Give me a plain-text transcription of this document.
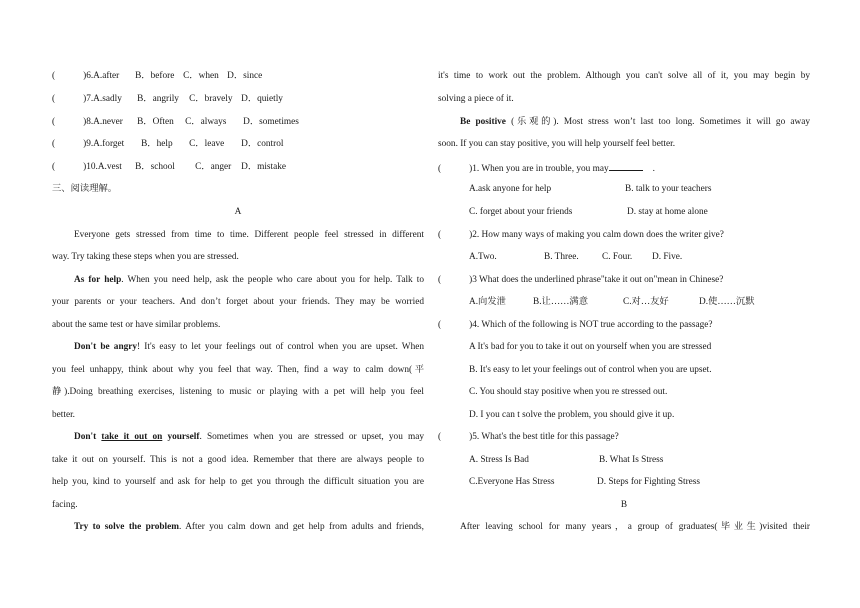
(	)6.A.after B．before C．when D．since
(	)7.A.sadly B．angrily C．bravely D．quietly
(	)8.A.never B．Often C．always D．sometimes
(	)9.A.forget B．help C．leave D．control
(	)10.A.vest B．school C．anger D．mistake
三、阅读理解。
A
Everyone gets stressed from time to time. Different people feel stressed in different
way. Try taking these steps when you are stressed.
As for help. When you need help, ask the people who care about you for help. Talk to
your parents or your teachers. And don’t forget about your friends. They may be worried
about the same test or have similar problems.
Don't be angry! It's easy to let your feelings out of control when you are upset. When
you feel unhappy, think about why you feel that way. Then, find a way to calm down(平
静).Doing breathing exercises, listening to music or playing with a pet will help you feel
better.
Don't take it out on yourself. Sometimes when you are stressed or upset, you may
take it out on yourself. This is not a good idea. Remember that there are always people to
help you, kind to yourself and ask for help to get you through the difficult situation you are
facing.
Try to solve the problem. After you calm down and get help from adults and friends,
it's time to work out the problem. Although you can't solve all of it, you may begin by
solving a piece of it.
Be positive (乐观的). Most stress won’t last too long. Sometimes it will go away
soon. If you can stay positive, you will help yourself feel better.
(	)1. When you are in trouble, you may	.
A.ask anyone for help	B. talk to your teachers
C. forget about your friends	D. stay at home alone
(	)2. How many ways of making you calm down does the writer give?
A.Two.	B. Three.	C. Four. D. Five.
(	)3 What does the underlined phrase"take it out on"mean in Chinese?
A.向发泄	B.让……满意	C.对…友好	D.使……沉默
(	)4. Which of the following is NOT true according to the passage?
A It's bad for you to take it out on yourself when you are stressed
B. It's easy to let your feelings out of control when you are upset.
C. You should stay positive when you re stressed out.
D. I you can t solve the problem, you should give it up.
(	)5. What's the best title for this passage?
A. Stress Is Bad	B. What Is Stress
C.Everyone Has Stress	D. Steps for Fighting Stress
B
After leaving school for many years，a group of graduates(毕业生)visited their
